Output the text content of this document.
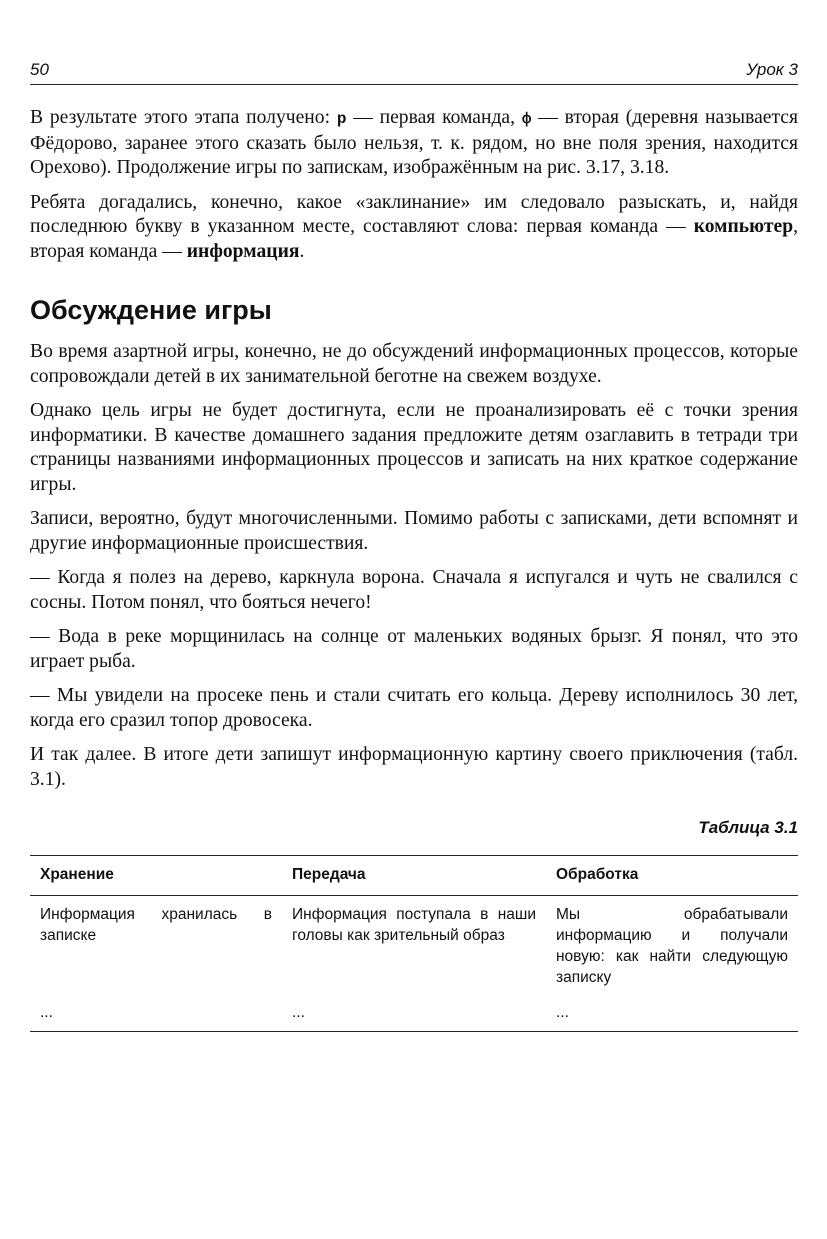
50	Урок 3

В результате этого этапа получено: р — первая команда, ф — вторая (деревня называется Фёдорово, заранее этого сказать было нельзя, т. к. рядом, но вне поля зрения, находится Орехово). Продолжение игры по запискам, изображённым на рис. 3.17, 3.18.

Ребята догадались, конечно, какое «заклинание» им следовало разыскать, и, найдя последнюю букву в указанном месте, составляют слова: первая команда — компьютер, вторая команда — информация.

Обсуждение игры

Во время азартной игры, конечно, не до обсуждений информационных процессов, которые сопровождали детей в их занимательной беготне на свежем воздухе.

Однако цель игры не будет достигнута, если не проанализировать её с точки зрения информатики. В качестве домашнего задания предложите детям озаглавить в тетради три страницы названиями информационных процессов и записать на них краткое содержание игры.

Записи, вероятно, будут многочисленными. Помимо работы с записками, дети вспомнят и другие информационные происшествия.

— Когда я полез на дерево, каркнула ворона. Сначала я испугался и чуть не свалился с сосны. Потом понял, что бояться нечего!

— Вода в реке морщинилась на солнце от маленьких водяных брызг. Я понял, что это играет рыба.

— Мы увидели на просеке пень и стали считать его кольца. Дереву исполнилось 30 лет, когда его сразил топор дровосека.

И так далее. В итоге дети запишут информационную картину своего приключения (табл. 3.1).

Таблица 3.1
Хранение	Передача	Обработка
Информация хранилась в записке	Информация поступала в наши головы как зрительный образ	Мы обрабатывали информацию и получали новую: как найти следующую записку
...	...	...
